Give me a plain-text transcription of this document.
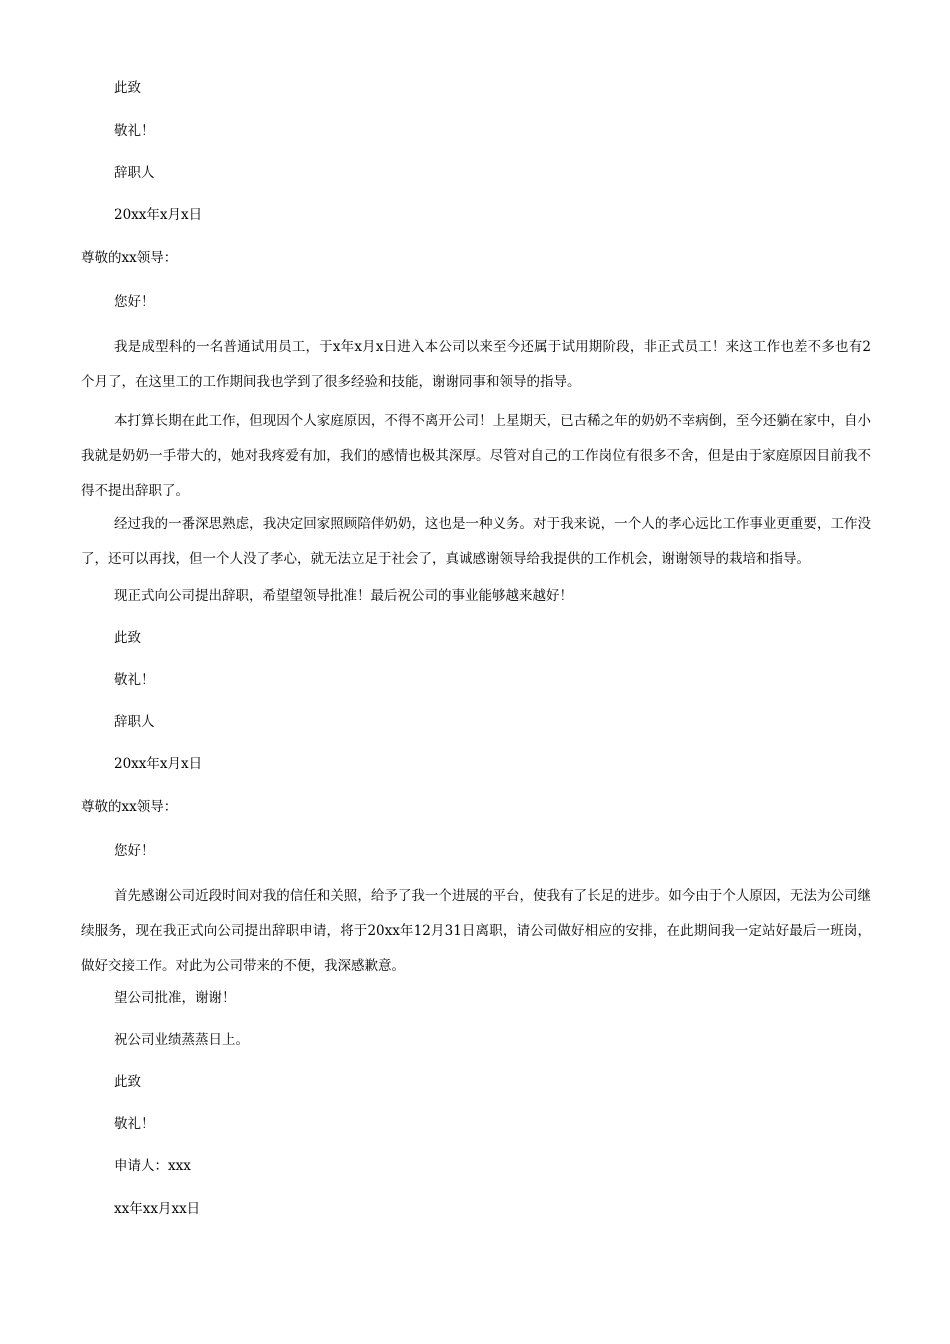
此致
敬礼！
辞职人
20xx年x月x日
尊敬的xx领导：
您好！
我是成型科的一名普通试用员工，于x年x月x日进入本公司以来至今还属于试用期阶段，非正式员工！来这工作也差不多也有2个月了，在这里工的工作期间我也学到了很多经验和技能，谢谢同事和领导的指导。
本打算长期在此工作，但现因个人家庭原因，不得不离开公司！上星期天，已古稀之年的奶奶不幸病倒，至今还躺在家中，自小我就是奶奶一手带大的，她对我疼爱有加，我们的感情也极其深厚。尽管对自己的工作岗位有很多不舍，但是由于家庭原因目前我不得不提出辞职了。
经过我的一番深思熟虑，我决定回家照顾陪伴奶奶，这也是一种义务。对于我来说，一个人的孝心远比工作事业更重要，工作没了，还可以再找，但一个人没了孝心，就无法立足于社会了，真诚感谢领导给我提供的工作机会，谢谢领导的栽培和指导。
现正式向公司提出辞职，希望望领导批准！最后祝公司的事业能够越来越好！
此致
敬礼！
辞职人
20xx年x月x日
尊敬的xx领导：
您好！
首先感谢公司近段时间对我的信任和关照，给予了我一个进展的平台，使我有了长足的进步。如今由于个人原因，无法为公司继续服务，现在我正式向公司提出辞职申请，将于20xx年12月31日离职，请公司做好相应的安排，在此期间我一定站好最后一班岗，做好交接工作。对此为公司带来的不便，我深感歉意。
望公司批准，谢谢！
祝公司业绩蒸蒸日上。
此致
敬礼！
申请人：xxx
xx年xx月xx日
